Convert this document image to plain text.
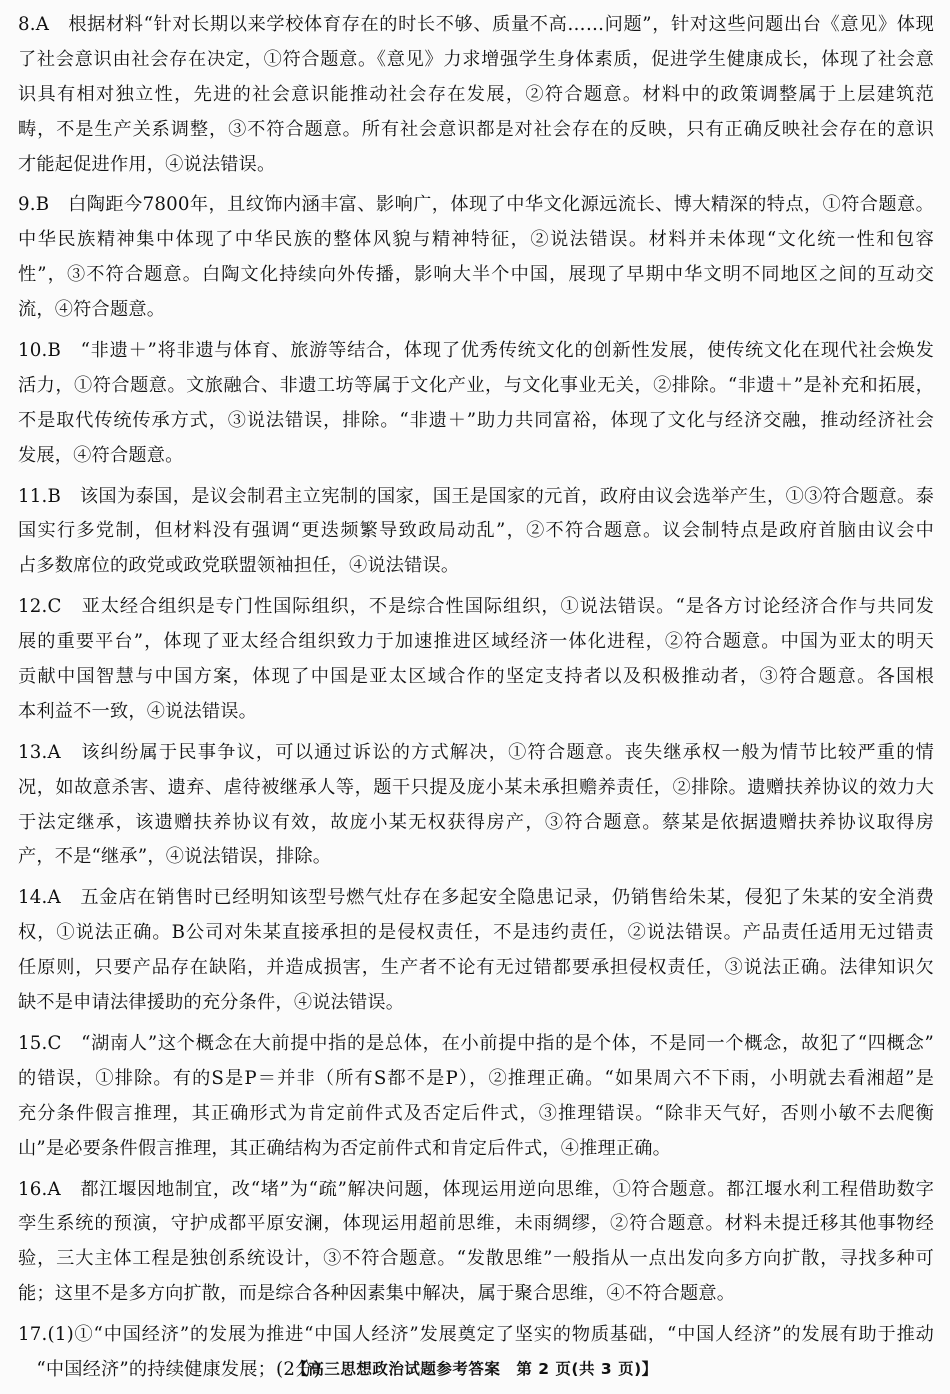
8.A　根据材料“针对长期以来学校体育存在的时长不够、质量不高……问题”，针对这些问题出台《意见》体现
了社会意识由社会存在决定，①符合题意。《意见》力求增强学生身体素质，促进学生健康成长，体现了社会意
识具有相对独立性，先进的社会意识能推动社会存在发展，②符合题意。材料中的政策调整属于上层建筑范
畴，不是生产关系调整，③不符合题意。所有社会意识都是对社会存在的反映，只有正确反映社会存在的意识
才能起促进作用，④说法错误。
9.B　白陶距今7800年，且纹饰内涵丰富、影响广，体现了中华文化源远流长、博大精深的特点，①符合题意。
中华民族精神集中体现了中华民族的整体风貌与精神特征，②说法错误。材料并未体现“文化统一性和包容
性”，③不符合题意。白陶文化持续向外传播，影响大半个中国，展现了早期中华文明不同地区之间的互动交
流，④符合题意。
10.B　“非遗＋”将非遗与体育、旅游等结合，体现了优秀传统文化的创新性发展，使传统文化在现代社会焕发
活力，①符合题意。文旅融合、非遗工坊等属于文化产业，与文化事业无关，②排除。“非遗＋”是补充和拓展，
不是取代传统传承方式，③说法错误，排除。“非遗＋”助力共同富裕，体现了文化与经济交融，推动经济社会
发展，④符合题意。
11.B　该国为泰国，是议会制君主立宪制的国家，国王是国家的元首，政府由议会选举产生，①③符合题意。泰
国实行多党制，但材料没有强调“更迭频繁导致政局动乱”，②不符合题意。议会制特点是政府首脑由议会中
占多数席位的政党或政党联盟领袖担任，④说法错误。
12.C　亚太经合组织是专门性国际组织，不是综合性国际组织，①说法错误。“是各方讨论经济合作与共同发
展的重要平台”，体现了亚太经合组织致力于加速推进区域经济一体化进程，②符合题意。中国为亚太的明天
贡献中国智慧与中国方案，体现了中国是亚太区域合作的坚定支持者以及积极推动者，③符合题意。各国根
本利益不一致，④说法错误。
13.A　该纠纷属于民事争议，可以通过诉讼的方式解决，①符合题意。丧失继承权一般为情节比较严重的情
况，如故意杀害、遗弃、虐待被继承人等，题干只提及庞小某未承担赡养责任，②排除。遗赠扶养协议的效力大
于法定继承，该遗赠扶养协议有效，故庞小某无权获得房产，③符合题意。蔡某是依据遗赠扶养协议取得房
产，不是“继承”，④说法错误，排除。
14.A　五金店在销售时已经明知该型号燃气灶存在多起安全隐患记录，仍销售给朱某，侵犯了朱某的安全消费
权，①说法正确。B公司对朱某直接承担的是侵权责任，不是违约责任，②说法错误。产品责任适用无过错责
任原则，只要产品存在缺陷，并造成损害，生产者不论有无过错都要承担侵权责任，③说法正确。法律知识欠
缺不是申请法律援助的充分条件，④说法错误。
15.C　“湖南人”这个概念在大前提中指的是总体，在小前提中指的是个体，不是同一个概念，故犯了“四概念”
的错误，①排除。有的S是P＝并非（所有S都不是P），②推理正确。“如果周六不下雨，小明就去看湘超”是
充分条件假言推理，其正确形式为肯定前件式及否定后件式，③推理错误。“除非天气好，否则小敏不去爬衡
山”是必要条件假言推理，其正确结构为否定前件式和肯定后件式，④推理正确。
16.A　都江堰因地制宜，改“堵”为“疏”解决问题，体现运用逆向思维，①符合题意。都江堰水利工程借助数字
孪生系统的预演，守护成都平原安澜，体现运用超前思维，未雨绸缪，②符合题意。材料未提迁移其他事物经
验，三大主体工程是独创系统设计，③不符合题意。“发散思维”一般指从一点出发向多方向扩散，寻找多种可
能；这里不是多方向扩散，而是综合各种因素集中解决，属于聚合思维，④不符合题意。
17.(1)①“中国经济”的发展为推进“中国人经济”发展奠定了坚实的物质基础，“中国人经济”的发展有助于推动
　“中国经济”的持续健康发展；(2分)
【高三思想政治试题参考答案　第 2 页(共 3 页)】
